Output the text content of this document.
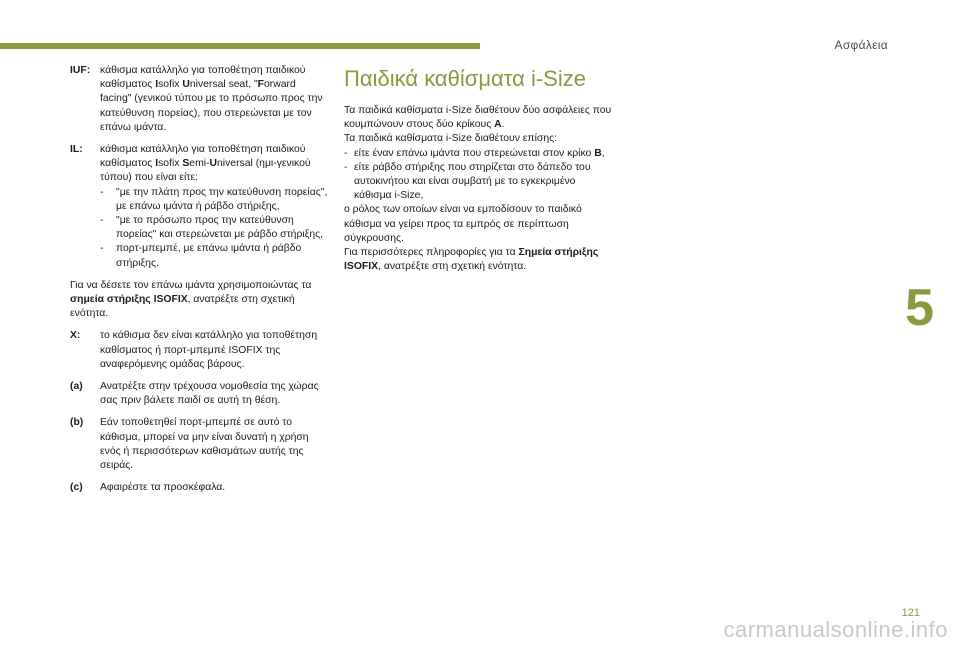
Ασφάλεια
5
IUF: κάθισμα κατάλληλο για τοποθέτηση παιδικού καθίσματος Isofix Universal seat, "Forward facing" (γενικού τύπου με το πρόσωπο προς την κατεύθυνση πορείας), που στερεώνεται με τον επάνω ιμάντα.
IL:	κάθισμα κατάλληλο για τοποθέτηση παιδικού καθίσματος Isofix Semi-Universal (ημι-γενικού τύπου) που είναι είτε:
-	"με την πλάτη προς την κατεύθυνση πορείας", με επάνω ιμάντα ή ράβδο στήριξης,
-	"με το πρόσωπο προς την κατεύθυνση πορείας" και στερεώνεται με ράβδο στήριξης,
-	πορτ-μπεμπέ, με επάνω ιμάντα ή ράβδο στήριξης.

Για να δέσετε τον επάνω ιμάντα χρησιμοποιώντας τα σημεία στήριξης ISOFIX, ανατρέξτε στη σχετική ενότητα.

X:	το κάθισμα δεν είναι κατάλληλο για τοποθέτηση καθίσματος ή πορτ-μπεμπέ ISOFIX της αναφερόμενης ομάδας βάρους.
(a)	Ανατρέξτε στην τρέχουσα νομοθεσία της χώρας σας πριν βάλετε παιδί σε αυτή τη θέση.
(b)	Εάν τοποθετηθεί πορτ-μπεμπέ σε αυτό το κάθισμα, μπορεί να μην είναι δυνατή η χρήση ενός ή περισσότερων καθισμάτων αυτής της σειράς.
(c)	Αφαιρέστε τα προσκέφαλα.
Παιδικά καθίσματα i-Size

Τα παιδικά καθίσματα i-Size διαθέτουν δύο ασφάλειες που κουμπώνουν στους δύο κρίκους A.

Τα παιδικά καθίσματα i-Size διαθέτουν επίσης:

- είτε έναν επάνω ιμάντα που στερεώνεται στον κρίκο B,
- είτε ράβδο στήριξης που στηρίζεται στο δάπεδο του αυτοκινήτου και είναι συμβατή με το εγκεκριμένο κάθισμα i-Size,

ο ρόλος των οποίων είναι να εμποδίσουν το παιδικό κάθισμα να γείρει προς τα εμπρός σε περίπτωση σύγκρουσης.

Για περισσότερες πληροφορίες για τα Σημεία στήριξης ISOFIX, ανατρέξτε στη σχετική ενότητα.

121
carmanualsonline.info
